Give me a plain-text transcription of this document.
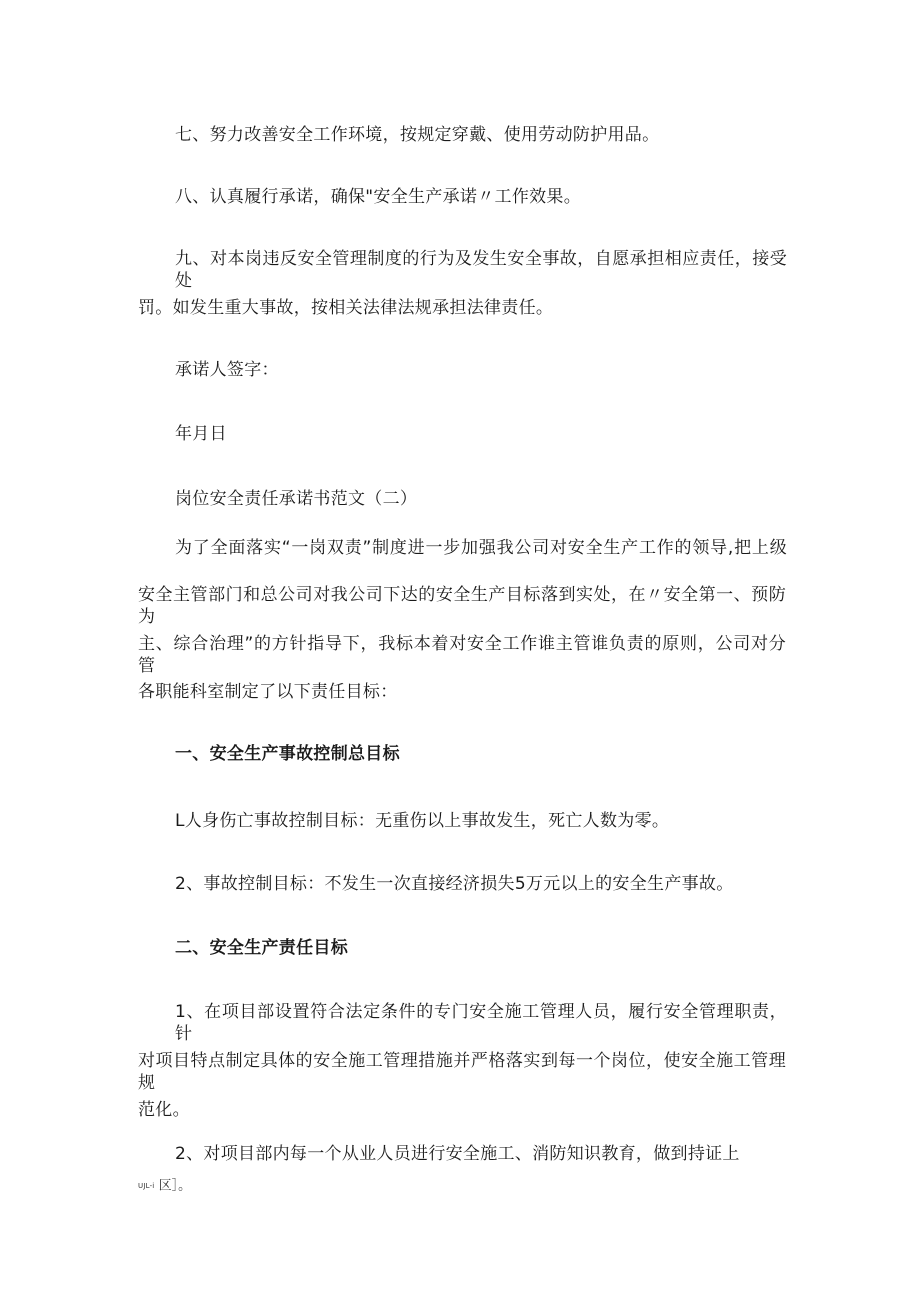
七、努力改善安全工作环境，按规定穿戴、使用劳动防护用品。
八、认真履行承诺，确保"安全生产承诺〃工作效果。
九、对本岗违反安全管理制度的行为及发生安全事故，自愿承担相应责任，接受处
罚。如发生重大事故，按相关法律法规承担法律责任。
承诺人签字：
年月日
岗位安全责任承诺书范文（二）
为了全面落实“一岗双责”制度进一步加强我公司对安全生产工作的领导,把上级
安全主管部门和总公司对我公司下达的安全生产目标落到实处，在〃安全第一、预防为
主、综合治理”的方针指导下，我标本着对安全工作谁主管谁负责的原则，公司对分管
各职能科室制定了以下责任目标：
一、安全生产事故控制总目标
L人身伤亡事故控制目标：无重伤以上事故发生，死亡人数为零。
2、事故控制目标：不发生一次直接经济损失5万元以上的安全生产事故。
二、安全生产责任目标
1、在项目部设置符合法定条件的专门安全施工管理人员，履行安全管理职责，针
对项目特点制定具体的安全施工管理措施并严格落实到每一个岗位，使安全施工管理规
范化。
2、对项目部内每一个从业人员进行安全施工、消防知识教育，做到持证上
UJL-i 区］。
